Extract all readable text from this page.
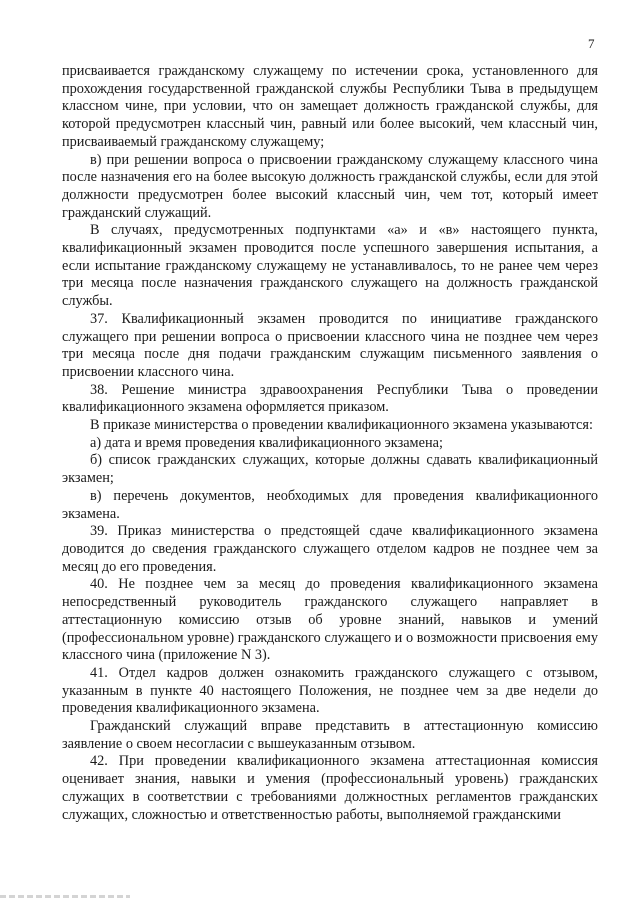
7

присваивается гражданскому служащему по истечении срока, установленного для прохождения государственной гражданской службы Республики Тыва в предыдущем классном чине, при условии, что он замещает должность гражданской службы, для которой предусмотрен классный чин, равный или более высокий, чем классный чин, присваиваемый гражданскому служащему;

в) при решении вопроса о присвоении гражданскому служащему классного чина после назначения его на более высокую должность гражданской службы, если для этой должности предусмотрен более высокий классный чин, чем тот, который имеет гражданский служащий.

В случаях, предусмотренных подпунктами «а» и «в» настоящего пункта, квалификационный экзамен проводится после успешного завершения испытания, а если испытание гражданскому служащему не устанавливалось, то не ранее чем через три месяца после назначения гражданского служащего на должность гражданской службы.

37. Квалификационный экзамен проводится по инициативе гражданского служащего при решении вопроса о присвоении классного чина не позднее чем через три месяца после дня подачи гражданским служащим письменного заявления о присвоении классного чина.

38. Решение министра здравоохранения Республики Тыва о проведении квалификационного экзамена оформляется приказом.

В приказе министерства о проведении квалификационного экзамена указываются:

а) дата и время проведения квалификационного экзамена;

б) список гражданских служащих, которые должны сдавать квалификационный экзамен;

в) перечень документов, необходимых для проведения квалификационного экзамена.

39. Приказ министерства о предстоящей сдаче квалификационного экзамена доводится до сведения гражданского служащего отделом кадров не позднее чем за месяц до его проведения.

40. Не позднее чем за месяц до проведения квалификационного экзамена непосредственный руководитель гражданского служащего направляет в аттестационную комиссию отзыв об уровне знаний, навыков и умений (профессиональном уровне) гражданского служащего и о возможности присвоения ему классного чина (приложение N 3).

41. Отдел кадров должен ознакомить гражданского служащего с отзывом, указанным в пункте 40 настоящего Положения, не позднее чем за две недели до проведения квалификационного экзамена.

Гражданский служащий вправе представить в аттестационную комиссию заявление о своем несогласии с вышеуказанным отзывом.

42. При проведении квалификационного экзамена аттестационная комиссия оценивает знания, навыки и умения (профессиональный уровень) гражданских служащих в соответствии с требованиями должностных регламентов гражданских служащих, сложностью и ответственностью работы, выполняемой гражданскими
